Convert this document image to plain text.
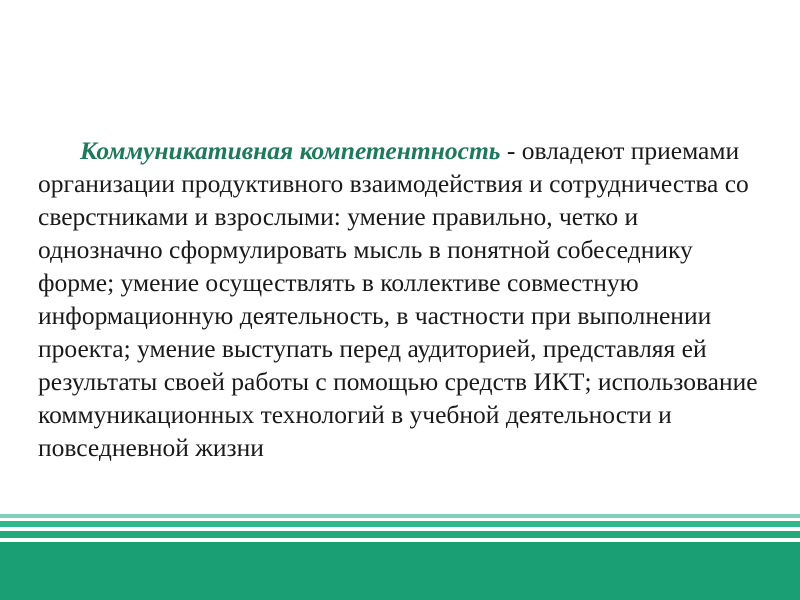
Коммуникативная компетентность - овладеют приемами организации продуктивного взаимодействия и сотрудничества со сверстниками и взрослыми: умение правильно, четко и однозначно сформулировать мысль в понятной собеседнику форме; умение осуществлять в коллективе совместную информационную деятельность, в частности при выполнении проекта; умение выступать перед аудиторией, представляя ей результаты своей работы с помощью средств ИКТ; использование коммуникационных технологий в учебной деятельности и повседневной жизни
